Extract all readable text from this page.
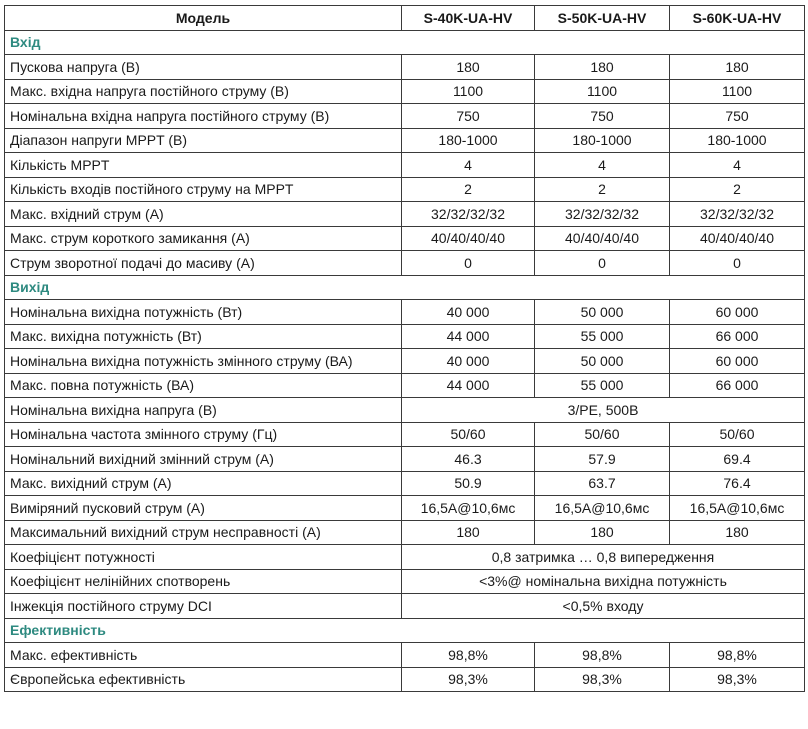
Модель	S-40K-UA-HV	S-50K-UA-HV	S-60K-UA-HV
Вхід			
Пускова напруга (В)	180	180	180
Макс. вхідна напруга постійного струму (В)	1100	1100	1100
Номінальна вхідна напруга постійного струму (В)	750	750	750
Діапазон напруги MPPT (В)	180-1000	180-1000	180-1000
Кількість MPPT	4	4	4
Кількість входів постійного струму на MPPT	2	2	2
Макс. вхідний струм (А)	32/32/32/32	32/32/32/32	32/32/32/32
Макс. струм короткого замикання (А)	40/40/40/40	40/40/40/40	40/40/40/40
Струм зворотної подачі до масиву (А)	0	0	0
Вихід			
Номінальна вихідна потужність (Вт)	40 000	50 000	60 000
Макс. вихідна потужність (Вт)	44 000	55 000	66 000
Номінальна вихідна потужність змінного струму (ВА)	40 000	50 000	60 000
Макс. повна потужність (ВА)	44 000	55 000	66 000
Номінальна вихідна напруга (В)	3/PE, 500В		
Номінальна частота змінного струму (Гц)	50/60	50/60	50/60
Номінальний вихідний змінний струм (А)	46.3	57.9	69.4
Макс. вихідний струм (А)	50.9	63.7	76.4
Виміряний пусковий струм (А)	16,5А@10,6мс	16,5А@10,6мс	16,5А@10,6мс
Максимальний вихідний струм несправності (А)	180	180	180
Коефіцієнт потужності	0,8 затримка … 0,8 випередження		
Коефіцієнт нелінійних спотворень	<3%@ номінальна вихідна потужність		
Інжекція постійного струму DCI	<0,5% входу		
Ефективність			
Макс. ефективність	98,8%	98,8%	98,8%
Європейська ефективність	98,3%	98,3%	98,3%
